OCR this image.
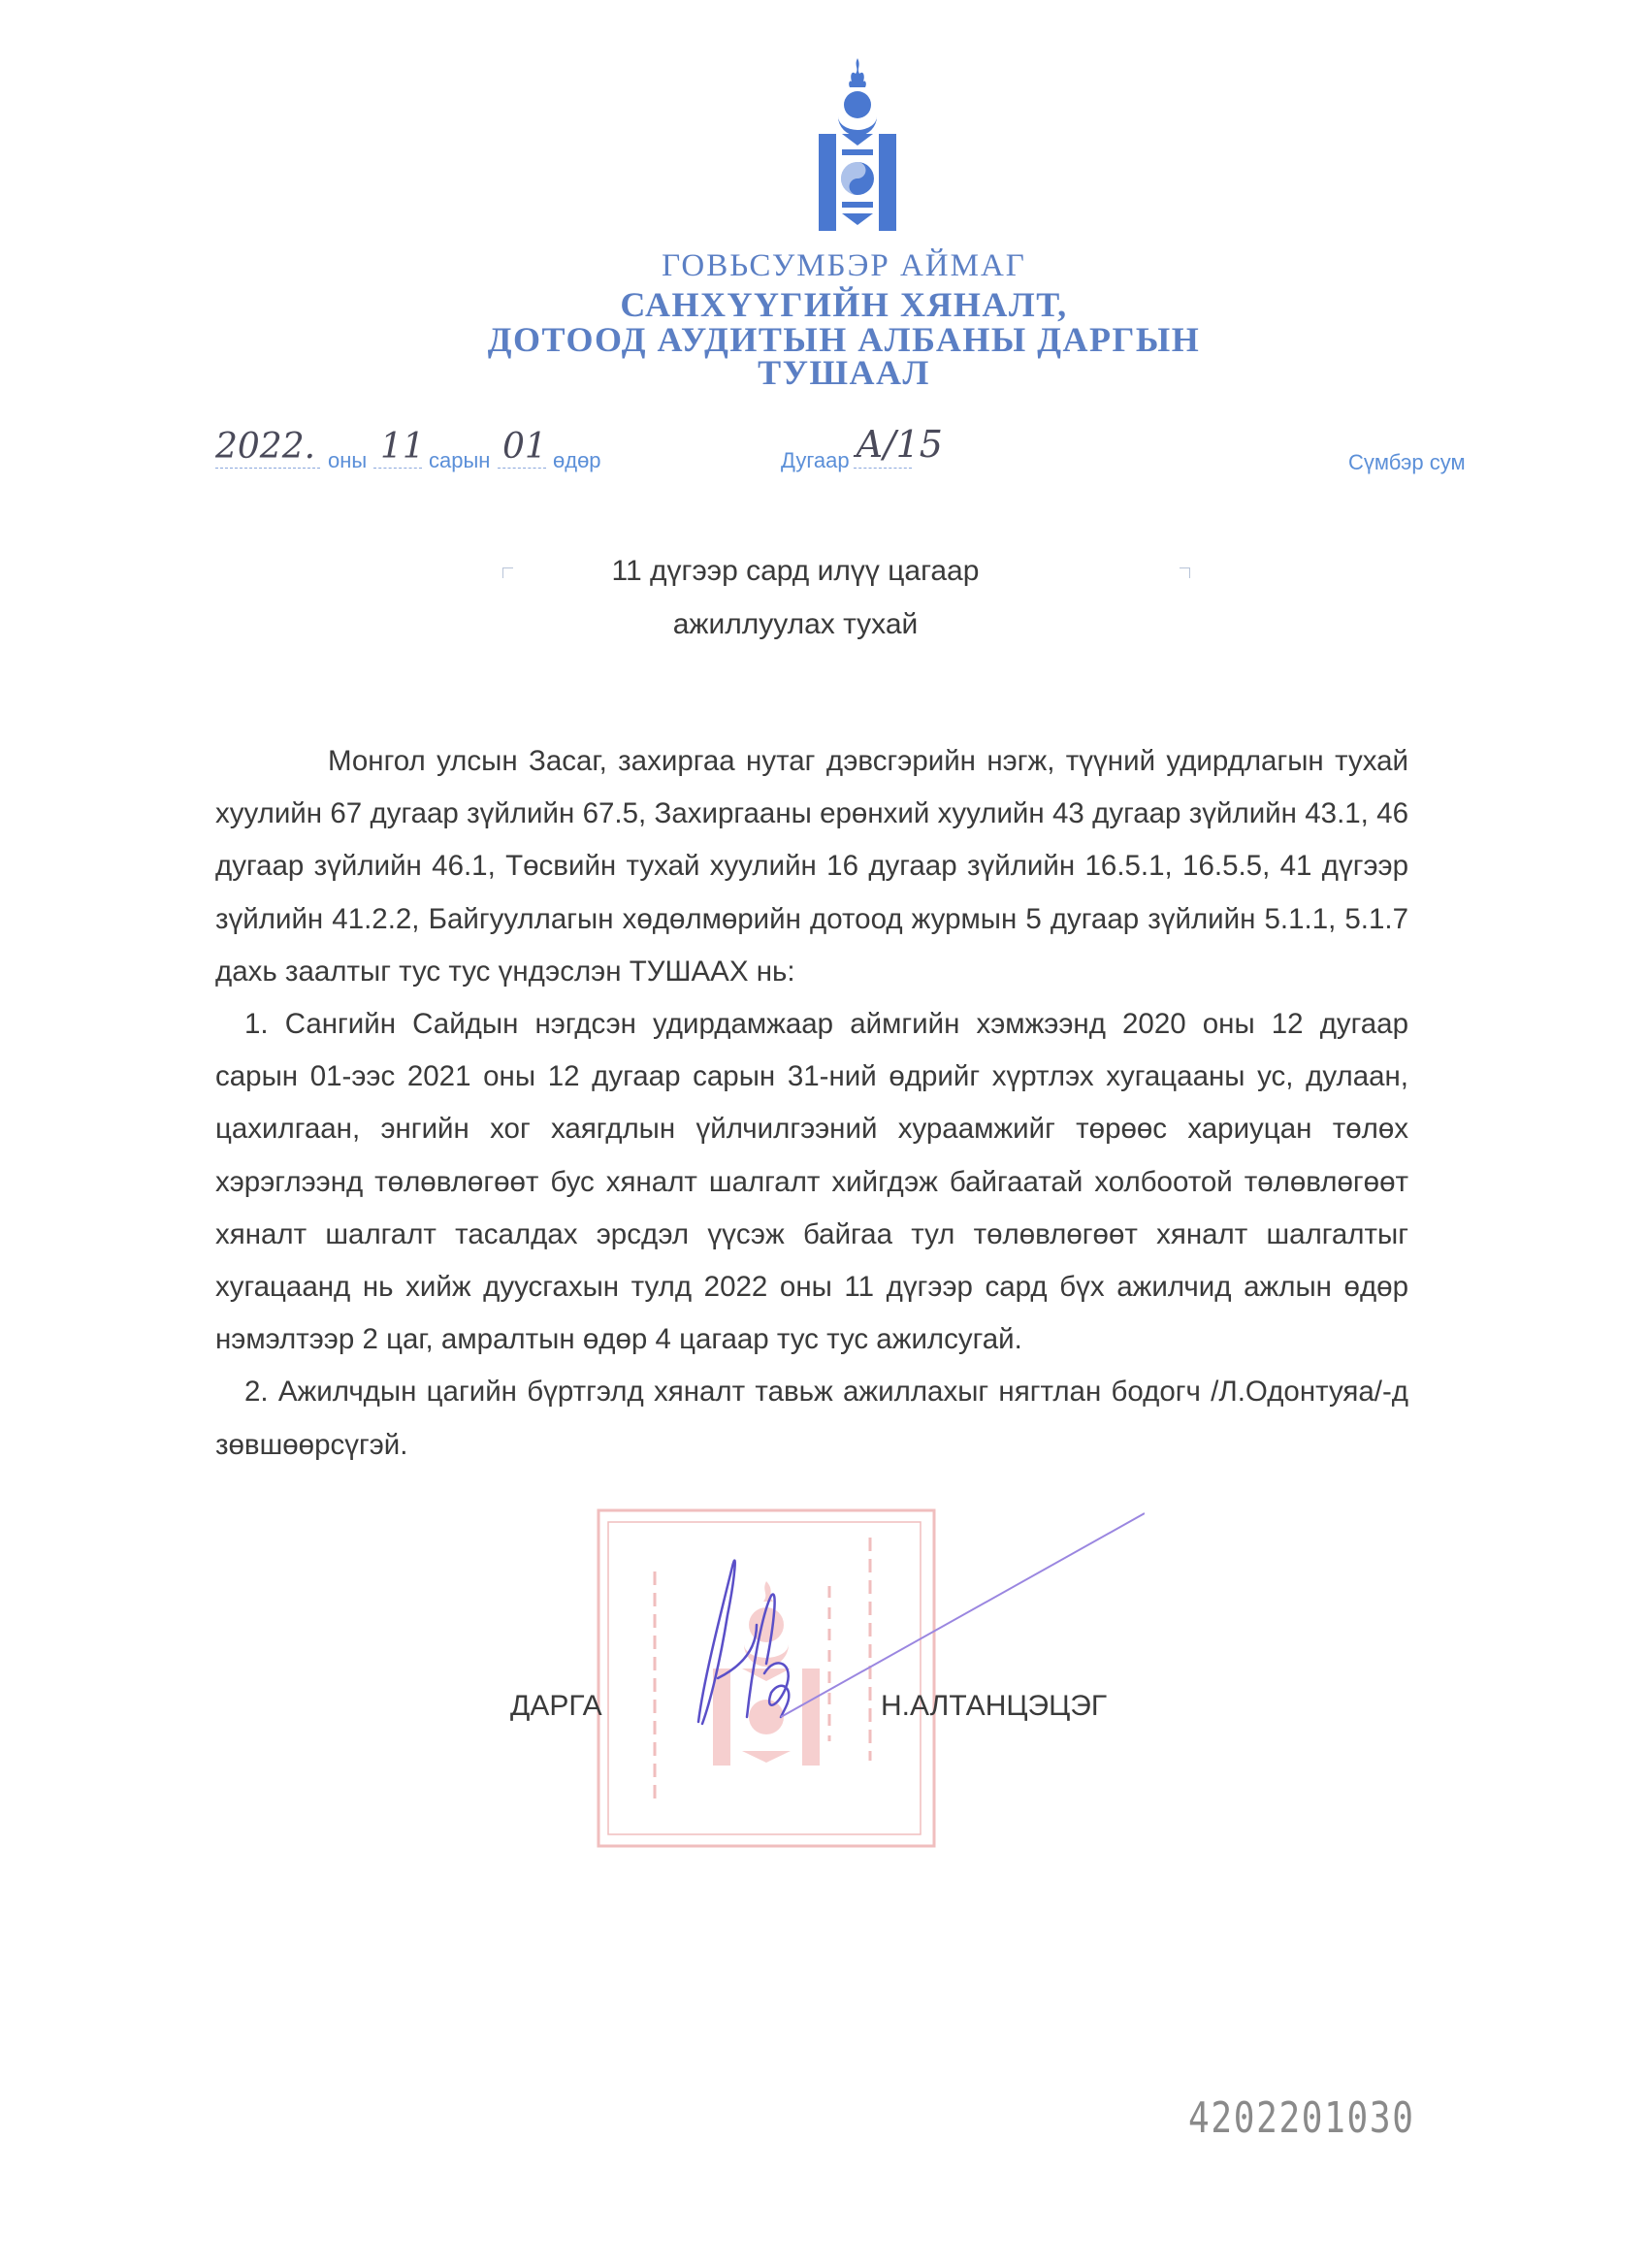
ГОВЬСУМБЭР АЙМАГ
САНХҮҮГИЙН ХЯНАЛТ,
ДОТООД АУДИТЫН АЛБАНЫ ДАРГЫН
ТУШААЛ
2022. оны 11 сарын 01 өдөр	Дугаар А/15	Сүмбэр сум
11 дүгээр сард илүү цагаар
ажиллуулах тухай

Монгол улсын Засаг, захиргаа нутаг дэвсгэрийн нэгж, түүний удирдлагын тухай хуулийн 67 дугаар зүйлийн 67.5, Захиргааны ерөнхий хуулийн 43 дугаар зүйлийн 43.1, 46 дугаар зүйлийн 46.1, Төсвийн тухай хуулийн 16 дугаар зүйлийн 16.5.1, 16.5.5, 41 дүгээр зүйлийн 41.2.2, Байгууллагын хөдөлмөрийн дотоод журмын 5 дугаар зүйлийн 5.1.1, 5.1.7 дахь заалтыг тус тус үндэслэн ТУШААХ нь:

1. Сангийн Сайдын нэгдсэн удирдамжаар аймгийн хэмжээнд 2020 оны 12 дугаар сарын 01-ээс 2021 оны 12 дугаар сарын 31-ний өдрийг хүртлэх хугацааны ус, дулаан, цахилгаан, энгийн хог хаягдлын үйлчилгээний хураамжийг төрөөс хариуцан төлөх хэрэглээнд төлөвлөгөөт бус хяналт шалгалт хийгдэж байгаатай холбоотой төлөвлөгөөт хяналт шалгалт тасалдах эрсдэл үүсэж байгаа тул төлөвлөгөөт хяналт шалгалтыг хугацаанд нь хийж дуусгахын тулд 2022 оны 11 дүгээр сард бүх ажилчид ажлын өдөр нэмэлтээр 2 цаг, амралтын өдөр 4 цагаар тус тус ажилсугай.

2. Ажилчдын цагийн бүртгэлд хяналт тавьж ажиллахыг нягтлан бодогч /Л.Одонтуяа/-д зөвшөөрсүгэй.

ДАРГА	Н.АЛТАНЦЭЦЭГ
4202201030
